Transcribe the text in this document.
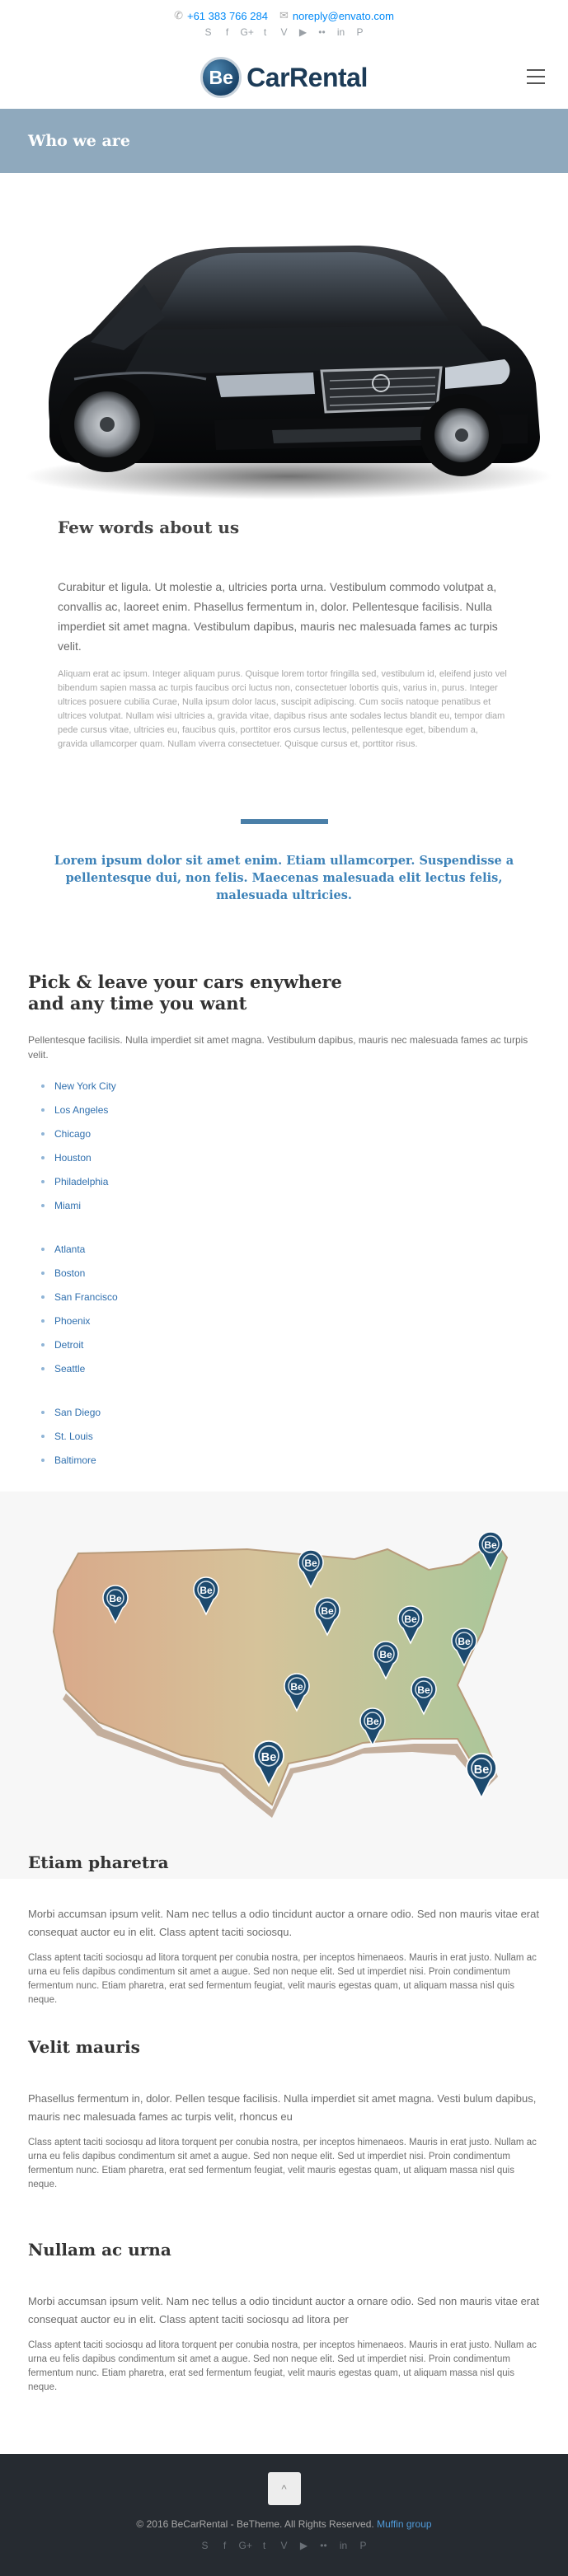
✆ +61 383 766 284 ✉ noreply@envato.com
S	f	G+ t	V ▶ •• in P
Be CarRental
Who we are
Few words about us

Curabitur et ligula. Ut molestie a, ultricies porta urna. Vestibulum commodo volutpat a, convallis ac, laoreet enim. Phasellus fermentum in, dolor. Pellentesque facilisis. Nulla imperdiet sit amet magna. Vestibulum dapibus, mauris nec malesuada fames ac turpis velit.

Aliquam erat ac ipsum. Integer aliquam purus. Quisque lorem tortor fringilla sed, vestibulum id, eleifend justo vel bibendum sapien massa ac turpis faucibus orci luctus non, consectetuer lobortis quis, varius in, purus. Integer ultrices posuere cubilia Curae, Nulla ipsum dolor lacus, suscipit adipiscing. Cum sociis natoque penatibus et ultrices volutpat. Nullam wisi ultricies a, gravida vitae, dapibus risus ante sodales lectus blandit eu, tempor diam pede cursus vitae, ultricies eu, faucibus quis, porttitor eros cursus lectus, pellentesque eget, bibendum a, gravida ullamcorper quam. Nullam viverra consectetuer. Quisque cursus et, porttitor risus.

Lorem ipsum dolor sit amet enim. Etiam ullamcorper. Suspendisse a pellentesque dui, non felis. Maecenas malesuada elit lectus felis, malesuada ultricies.

Pick & leave your cars enywhere
and any time you want

Pellentesque facilisis. Nulla imperdiet sit amet magna. Vestibulum dapibus, mauris nec malesuada fames ac turpis velit.

New York City
Los Angeles
Chicago
Houston
Philadelphia
Miami
Atlanta
Boston
San Francisco
Phoenix
Detroit
Seattle
San Diego
St. Louis
Baltimore
Be
Be
Be
Be
Be
Be
Be
Be
Be	Be
Be
Be
Be
Etiam pharetra

Morbi accumsan ipsum velit. Nam nec tellus a odio tincidunt auctor a ornare odio. Sed non mauris vitae erat consequat auctor eu in elit. Class aptent taciti sociosqu.

Class aptent taciti sociosqu ad litora torquent per conubia nostra, per inceptos himenaeos. Mauris in erat justo. Nullam ac urna eu felis dapibus condimentum sit amet a augue. Sed non neque elit. Sed ut imperdiet nisi. Proin condimentum fermentum nunc. Etiam pharetra, erat sed fermentum feugiat, velit mauris egestas quam, ut aliquam massa nisl quis neque.

Velit mauris

Phasellus fermentum in, dolor. Pellen tesque facilisis. Nulla imperdiet sit amet magna. Vesti bulum dapibus, mauris nec malesuada fames ac turpis velit, rhoncus eu

Class aptent taciti sociosqu ad litora torquent per conubia nostra, per inceptos himenaeos. Mauris in erat justo. Nullam ac urna eu felis dapibus condimentum sit amet a augue. Sed non neque elit. Sed ut imperdiet nisi. Proin condimentum fermentum nunc. Etiam pharetra, erat sed fermentum feugiat, velit mauris egestas quam, ut aliquam massa nisl quis neque.

Nullam ac urna

Morbi accumsan ipsum velit. Nam nec tellus a odio tincidunt auctor a ornare odio. Sed non mauris vitae erat consequat auctor eu in elit. Class aptent taciti sociosqu ad litora per

Class aptent taciti sociosqu ad litora torquent per conubia nostra, per inceptos himenaeos. Mauris in erat justo. Nullam ac urna eu felis dapibus condimentum sit amet a augue. Sed non neque elit. Sed ut imperdiet nisi. Proin condimentum fermentum nunc. Etiam pharetra, erat sed fermentum feugiat, velit mauris egestas quam, ut aliquam massa nisl quis neque.

^
© 2016 BeCarRental - BeTheme. All Rights Reserved. Muffin group
S	f	G+	t	V ▶ •• in P
